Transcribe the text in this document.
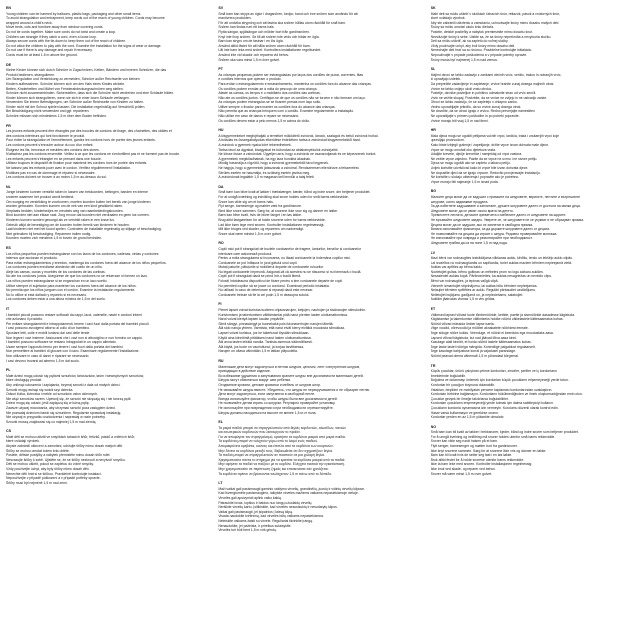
EN
Young children can be harmed by balloons, plastic bags, packaging and other small items.
To avoid strangulation and entrapment, keep cords out of the reach of young children. Cords may become
wrapped around a child's neck.
Move beds, cots and furniture away from window covering cords.
Do not tie cords together. Make sure cords do not twist and create a loop.
Children can strangle if they catch a cord, even a loose loop.
Always secure cords with the tie-down to keep them out of the reach of children.
Do not allow the children to play with the cord. Examine the installation for the signs of wear or damage.
Do not use if there is any damage and repair if necessary.
Cords must be at least 1.5 m above the ground.
DE
Kleine Kinder können sich durch Schnüre in Zugschnüren, Ketten, Bändern und inneren Schnüren, die das
Produkt bedienen, strangulieren.
Um Strangulation und Verstrickung zu vermeiden, Schnüre außer Reichweite von kleinen
Kindern aufbewahren. Schnüre können sich um den Hals eines Kindes wickeln.
Betten, Kinderbetten und Möbel von Fensterabdeckungsschnüren weg stellen.
Schnüre nicht zusammenbinden. Sicherstellen, dass sich die Schnüre nicht verdrehen und eine Schlaufe bilden.
Kinder können sich strangulieren, wenn sie sich in einer losen Schlaufe verfangen.
Verwenden Sie immer Befestigungen, um Schnüre außer Reichweite von Kindern zu halten.
Kinder nicht mit der Schnur spielen lassen. Die Installation regelmäßig auf Verschleiß prüfen.
Bei Beschädigung nicht verwenden und ggf. reparieren.
Schnüre müssen sich mindestens 1,5 m über dem Boden befinden.
FR
Les jeunes enfants peuvent être étranglés par des boucles de cordons de tirage, des chaînettes, des câbles et
des cordons intérieurs qui font fonctionner le produit.
Pour éviter la strangulation et l'emmêlement, gardez les cordons hors de portée des jeunes enfants.
Les cordons peuvent s'enrouler autour du cou d'un enfant.
Éloignez les lits, berceaux et meubles des cordons des stores.
N'attachez pas les cordons ensemble. Veillez à ce que les cordons ne s'entortillent pas et ne forment pas de boucle.
Les enfants peuvent s'étrangler en se prenant dans une boucle.
Utilisez toujours le dispositif de fixation pour maintenir les cordons hors de portée des enfants.
Ne laissez pas les enfants jouer avec le cordon. Vérifiez régulièrement l'installation.
N'utilisez pas en cas de dommage et réparez si nécessaire.
Les cordons doivent se trouver à au moins 1,5 m au-dessus du sol.
NL
Jonge kinderen kunnen verstrikt raken in lussen van trekkoorden, kettingen, banden en interne
snoeren waarmee het product wordt bediend.
Om wurging en verstrikking te voorkomen, moeten koorden buiten het bereik van jonge kinderen
worden gehouden. Koorden kunnen om de nek van een kind gewikkeld raken.
Verplaats bedden, kinderbedjes en meubels weg van raambekledingskoorden.
Bind koorden niet aan elkaar vast. Zorg ervoor dat koorden niet verdraaien en geen lus vormen.
Kinderen kunnen worden gewurgd als ze verstrikt raken in een losse lus.
Gebruik altijd de bevestiging om de koorden buiten bereik van kinderen te houden.
Laat kinderen niet met het koord spelen. Controleer de installatie regelmatig op slijtage of beschadiging.
Niet gebruiken bij beschadiging. Repareren indien nodig.
Koorden moeten zich minstens 1,5 m boven de grond bevinden.
ES
Los niños pequeños pueden estrangularse con los lazos de los cordones, cadenas, cintas y cordones
internos que accionan el producto.
Para evitar estrangulamientos y enredos, mantenga los cordones fuera del alcance de los niños pequeños.
Los cordones pueden enrollarse alrededor del cuello de un niño.
Aleje las camas, cunas y muebles de los cordones de las cortinas.
No ate los cordones juntos. Asegúrese de que los cordones no se retuerzan ni formen un lazo.
Los niños pueden estrangularse si se enganchan en un lazo suelto.
Utilice siempre el sujetador para mantener los cordones fuera del alcance de los niños.
No permita que los niños jueguen con el cordón. Examine la instalación regularmente.
No lo utilice si está dañado y repárelo si es necesario.
Los cordones deben estar a una altura mínima de 1,5 m del suelo.
IT
I bambini piccoli possono restare soffocati da cappi, lacci, catenelle, nastri e cordoni interni
che azionano il prodotto.
Per evitare strangolamenti e intrappolamenti, tenere i cavi fuori dalla portata dei bambini piccoli.
I cavi possono avvolgersi attorno al collo di un bambino.
Spostare letti, culle e mobili lontano dai cavi delle tende.
Non legare i cavi insieme. Assicurarsi che i cavi non si attorciglino e non formino un cappio.
I bambini possono soffocare se restano intrappolati in un cappio allentato.
Usare sempre l'apposito fermo per tenere i cavi fuori dalla portata dei bambini.
Non permettere ai bambini di giocare con il cavo. Esaminare regolarmente l'installazione.
Non utilizzare in caso di danni e riparare se necessario.
I cavi devono trovarsi ad almeno 1,5 m dal suolo.
PL
Małe dzieci mogą udusić się pętlami sznurków, łańcuszków, taśm i wewnętrznych sznurków,
które obsługują produkt.
Aby uniknąć uduszenia i zaplątania, trzymaj sznurki z dala od małych dzieci.
Sznurki mogą owinąć się wokół szyi dziecka.
Odsuń łóżka, łóżeczka i meble od sznurków osłon okiennych.
Nie wiąż sznurków razem. Upewnij się, że sznurki nie skręcają się i nie tworzą pętli.
Dzieci mogą się udusić, jeśli zaplączą się w luźną pętlę.
Zawsze używaj mocowania, aby utrzymać sznurki poza zasięgiem dzieci.
Nie pozwalaj dzieciom bawić się sznurkiem. Regularnie sprawdzaj instalację.
Nie używaj w przypadku uszkodzenia i naprawiaj w razie potrzeby.
Sznurki muszą znajdować się co najmniej 1,5 m nad ziemią.
CS
Malé děti se mohou uškrtit ve smyčkách tahacích šňůr, řetízků, pásků a vnitřních šňůr,
které ovládají výrobek.
Abyste zabránili uškrcení a zamotání, udržujte šňůry mimo dosah malých dětí.
Šňůry se mohou omotat kolem krku dítěte.
Postele, dětské postýlky a nábytek přemístěte mimo dosah šňůr rolet.
Nesvazujte šňůry k sobě. Ujistěte se, že se šňůry nezkroutí a nevytvoří smyčku.
Děti se mohou uškrtit, pokud se zapletou do volné smyčky.
Vždy používejte úchyt, aby byly šňůry mimo dosah dětí.
Nenechte děti hrát si se šňůrou. Pravidelně kontrolujte instalaci.
Nepoužívejte v případě poškození a v případě potřeby opravte.
Šňůry musí být nejméně 1,5 m nad zemí.
SV
Små barn kan stryps av öglor i dragsnören, kedjor, band och inre snören som används för att
manövrera produkten.
För att undvika strypning och att fastna ska snören hållas utom räckhåll för små barn.
Snören kan lindas runt ett barns hals.
Flytta sängar, spjälsängar och möbler bort från gardinsnören.
Knyt inte ihop snören. Se till att snören inte vrids och bildar en ögla.
Barn kan stryps om de fastnar i en lös ögla.
Använd alltid fästet för att hålla snören utom räckhåll för barn.
Låt inte barn leka med snöret. Kontrollera installationen regelbundet.
Använd inte vid skador och reparera vid behov.
Snören ska vara minst 1,5 m över golvet.
PT
As crianças pequenas podem ser estranguladas por laços dos cordões de puxar, correntes, fitas
e cordões internos que operam o produto.
Para evitar o estrangulamento e emaranhamento, mantenha os cordões fora do alcance das crianças.
Os cordões podem enrolar-se à volta do pescoço de uma criança.
Afaste as camas, os berços e o mobiliário dos cordões das cortinas.
Não ate os cordões juntos. Certifique-se de que os cordões não se torcem e não formam um laço.
As crianças podem estrangular-se se ficarem presas num laço solto.
Utilize sempre o fixador para manter os cordões fora do alcance das crianças.
Não permita que as crianças brinquem com o cordão. Examine regularmente a instalação.
Não utilize em caso de danos e repare se necessário.
Os cordões devem estar a pelo menos 1,5 m acima do chão.
HU
A kisgyermekeket megfojthatják a terméket működtető zsinórok, láncok, szalagok és belső zsinórok hurkai.
A fulladás és összegabalyodás elkerülése érdekében tartsa a zsinórokat kisgyermekektől távol.
A zsinórok a gyermek nyaka köré tekeredhetnek.
Tartsa távol az ágyakat, kiságyakat és bútorokat az ablakárnyékolók zsinórjaitól.
Ne kösse össze a zsinórokat. Ügyeljen arra, hogy a zsinórok ne csavarodjanak és ne képezzenek hurkot.
A gyermekek megfulladhatnak, ha egy laza hurokba akadnak.
Mindig használja a rögzítőt, hogy a zsinórok gyermekektől távol legyenek.
Ne hagyja, hogy a gyermekek játsszanak a zsinórral. Rendszeresen ellenőrizze a felszerelést.
Sérülés esetén ne használja, és szükség esetén javítsa meg.
A zsinóroknak legalább 1,5 m magasan kell lenniük a talaj felett.
DA
Små børn kan blive kvalt af løkker i trækstænger, kæder, bånd og indre snore, der betjener produktet.
For at undgå kvælning og indvikling skal snore holdes uden for små børns rækkevidde.
Snore kan vikle sig om et barns hals.
Flyt senge, barnesenge og møbler væk fra gardinsnore.
Bind ikke snore sammen. Sørg for, at snorene ikke snor sig og danner en løkke.
Børn kan blive kvalt, hvis de bliver fanget i en løs løkke.
Brug altid fastgørelsen for at holde snorene uden for børns rækkevidde.
Lad ikke børn lege med snoren. Kontroller installationen regelmæssigt.
Må ikke bruges ved skader, og repareres om nødvendigt.
Snore skal være mindst 1,5 m over gulvet.
RO
Copiii mici pot fi strangulați de buclele cordoanelor de tragere, lanțurilor, benzilor și cordoanelor
interioare care acționează produsul.
Pentru a evita strangularea și încurcarea, nu lăsați cordoanele la îndemâna copiilor mici.
Cordoanele se pot înfășura în jurul gâtului unui copil.
Mutați paturile, pătuțurile și mobilierul departe de cordoanele rulourilor.
Nu legați cordoanele împreună. Asigurați-vă că acestea nu se răsucesc și nu formează o buclă.
Copiii pot fi strangulați dacă se prind într-o buclă liberă.
Folosiți întotdeauna dispozitivul de fixare pentru a ține cordoanele departe de copii.
Nu permiteți copiilor să se joace cu cordonul. Examinați periodic instalația.
Nu utilizați în caso de deteriorare și reparați dacă este necesar.
Cordoanele trebuie să fie la cel puțin 1,5 m deasupra solului.
FI
Pienet lapset voivat kuristua tuotteen ohjausnarujen, ketjujen, nauhojen ja sisänarujen silmukoihin.
Kuristumisen ja takertumisen välttämiseksi pidä narut pienten lasten ulottumattomissa.
Narut voivat kiertyä lapsen kaulan ympärille.
Siirrä sängyt, pinnasängyt ja huonekalut pois ikkunaverhojen narujen läheltä.
Älä sido naruja yhteen. Varmista, että narut eivät kierry eivätkä muodosta silmukkaa.
Lapset voivat kuristua, jos he takertuvat löysään silmukkaan.
Käytä aina kiinnitintä pitääksesi narut lasten ulottumattomissa.
Älä anna lasten leikkiä narulla. Tarkista asennus säännöllisesti.
Älä käytä, jos tuote on vaurioitunut, ja korjaa tarvittaessa.
Narujen on oltava vähintään 1,5 m lattian yläpuolella.
RU
Маленькие дети могут задохнуться в петлях шнуров, цепочек, лент и внутренних шнуров,
приводящих в действие изделие.
Во избежание удушения и запутывания храните шнуры вне досягаемости маленьких детей.
Шнуры могут обмотаться вокруг шеи ребенка.
Отодвиньте кровати, детские кроватки и мебель от шнуров штор.
Не связывайте шнуры вместе. Убедитесь, что шнуры не перекручиваются и не образуют петлю.
Дети могут задохнуться, если запутаются в свободной петле.
Всегда используйте фиксатор, чтобы шнуры были вне досягаемости детей.
Не позволяйте детям играть со шнуром. Регулярно проверяйте установку.
Не используйте при повреждении и при необходимости отремонтируйте.
Шнуры должны находиться на высоте не менее 1,5 м от пола.
EL
Τα μικρά παιδιά μπορεί να στραγγαλιστούν από θηλιές κορδονιών, αλυσίδων, ταινιών
και εσωτερικών κορδονιών που λειτουργούν το προϊόν.
Για να αποφύγετε τον στραγγαλισμό, κρατήστε τα κορδόνια μακριά από μικρά παιδιά.
Τα κορδόνια μπορεί να τυλιχτούν γύρω από το λαιμό ενός παιδιού.
Απομακρύνετε κρεβάτια, κούνιες και έπιπλα από τα κορδόνια των κουρτινών.
Μην δένετε τα κορδόνια μεταξύ τους. Βεβαιωθείτε ότι δεν σχηματίζουν θηλιά.
Τα παιδιά μπορεί να στραγγαλιστούν αν πιαστούν σε μια χαλαρή θηλιά.
Χρησιμοποιείτε πάντα το στήριγμα για να κρατάτε τα κορδόνια μακριά από τα παιδιά.
Μην αφήνετε τα παιδιά να παίζουν με το κορδόνι. Ελέγχετε τακτικά την εγκατάσταση.
Μην χρησιμοποιείτε σε περίπτωση ζημιάς και επισκευάστε εάν χρειάζεται.
Τα κορδόνια πρέπει να βρίσκονται τουλάχιστον 1,5 m πάνω από το δάπεδο.
LT
Maži vaikai gali pasismaugti gaminio valdymo virvelių, grandinėlių, juostų ir vidinių virvelių kilpose.
Kad išvengtumėte pasismaugimo, laikykite virveles mažiems vaikams nepasiekiamoje vietoje.
Virvelės gali apsivynioti aplink vaiko kaklą.
Patraukite lovas, lopšius ir baldus nuo langų užuolaidų virvelių.
Neriškite virvelių kartu. Įsitikinkite, kad virvelės nesusisuktų ir nesudarytų kilpos.
Vaikai gali pasismaugti, jei įsipainios į laisvą kilpą.
Visada naudokite tvirtinimą, kad virvelės būtų vaikams nepasiekiamos.
Neleiskite vaikams žaisti su virvele. Reguliariai tikrinkite įrangą.
Nenaudokite, jei pažeista, ir prireikus sutaisykite.
Virvelės turi būti bent 1,5 m virš grindų.
SK
Malé deti sa môžu uškrtiť v slučkách ťahacích šnúr, retiazok, pások a vnútorných šnúr,
ktoré ovládajú výrobok.
Aby ste zabránili uškrteniu a zamotaniu, uchovávajte šnúry mimo dosahu malých detí.
Šnúry sa môžu omotať okolo krku dieťaťa.
Postele, detské postieľky a nábytok premiestnite mimo dosahu šnúr.
Nezväzujte šnúry k sebe. Uistite sa, že sa šnúry neprekrútia a nevytvoria slučku.
Deti sa môžu uškrtiť, ak sa zapletú do voľnej slučky.
Vždy používajte úchyt, aby boli šnúry mimo dosahu detí.
Nenechajte deti hrať sa so šnúrou. Pravidelne kontrolujte inštaláciu.
Nepoužívajte v prípade poškodenia a v prípade potreby opravte.
Šnúry musia byť najmenej 1,5 m nad zemou.
SL
Majhni otroci se lahko zadavijo z zankami vlečnih vrvic, verižic, trakov in notranjih vrvic,
ki upravljajo izdelek.
Da preprečite zadavljenje in zapletanje, vrvice hranite zunaj dosega majhnih otrok.
Vrvice se lahko ovijejo okoli vratu otroka.
Postelje, otroške posteljice in pohištvo odmaknite stran od vrvic senčil.
Vrvic ne vežite skupaj. Poskrbite, da se vrvice ne zvijejo in ne ustvarijo zanke.
Otroci se lahko zadavijo, če se zapletejo v ohlapno zanko.
Vedno uporabljajte pritrdilo, da so vrvice zunaj dosega otrok.
Ne dovolite, da se otroci igrajo z vrvico. Redno preverjajte namestitev.
Ne uporabljajte v primeru poškodbe in po potrebi popravite.
Vrvice morajo biti vsaj 1,5 m nad tlemi.
HR
Mala djeca mogu se ugušiti petljama vučnih vrpci, lančića, traka i unutarnjih vrpci koje
upravljaju proizvodom.
Kako biste izbjegli gušenje i zapetljanje, držite vrpce izvan dohvata male djece.
Vrpce se mogu omotati oko djetetova vrata.
Udaljite krevete, dječje krevetiće i namještaj od vrpci zastora.
Ne vežite vrpce zajedno. Pazite da se vrpce ne uvrnu i ne stvore petlju.
Djeca se mogu ugušiti ako se zapletu u labavu petlju.
Uvijek koristite učvršćivač kako bi vrpce bile izvan dohvata djece.
Ne dopustite djeci da se igraju vrpcom. Redovito provjeravajte instalaciju.
Ne koristite u slučaju oštećenja i popravite ako je potrebno.
Vrpce moraju biti najmanje 1,5 m iznad poda.
BG
Малките деца могат да се задушат с примките на шнуровете, веригите, лентите и вътрешните
шнурове, които задвижват продукта.
За да избегнете задушаване и заплитане, дръжте шнуровете далеч от достъпа на малки деца.
Шнуровете могат да се увият около врата на детето.
Преместете леглата, детските креватчета и мебелите далеч от шнуровете на щорите.
Не връзвайте шнуровете заедно. Уверете се, че шнуровете не се усукват и не образуват примка.
Децата могат да се задушат, ако се заплетат в свободна примка.
Винаги използвайте фиксатора, за да държите шнуровете далеч от децата.
Не позволявайте на децата да играят с шнура. Редовно проверявайте монтажа.
Не използвайте при повреда и ремонтирайте при необходимост.
Шнуровете трябва да са на поне 1,5 m над пода.
LV
Mazi bērni var nožņaugties izstrādājuma vilkšanas auklu, ķēdīšu, lenšu un iekšējo auklu cilpās.
Lai izvairītos no nožņaugšanās un sapīšanās, turiet auklas maziem bērniem nepieejamā vietā.
Auklas var aptīties ap bērna kaklu.
Novietojiet gultas, bērnu gultiņas un mēbeles prom no logu aizkaru auklām.
Nesasieniet auklas kopā. Pārliecinieties, ka auklas nesagriežas un neveido cilpu.
Bērni var nožņaugties, ja iepinas vaļīgā cilpā.
Vienmēr izmantojiet stiprinājumu, lai auklas būtu bērniem nepieejamas.
Neļaujiet bērniem spēlēties ar auklu. Regulāri pārbaudiet uzstādījumu.
Nelietojiet bojājumu gadījumā un, ja nepieciešams, salabojiet.
Auklām jāatrodas vismaz 1,5 m virs grīdas.
ET
Väikesed lapsed võivad toote tõmbenööride, kettide, paelte ja sisenööride aasadesse kägistuda.
Kägistamise ja takerdumise vältimiseks hoidke nöörid väikelastele kättesaamatus kohas.
Nöörid võivad mässida ümber lapse kaela.
Viige voodid, võrevoodid ja mööbel aknakatete nööridest eemale.
Ärge siduge nööre kokku. Veenduge, et nöörid ei keerduks ega moodustaks aasa.
Lapsed võivad kägistuda, kui nad jäävad lõtva aasa kinni.
Kasutage alati kinnitit, et hoida nöörid lastele kättesaamatus kohas.
Ärge laske lastel nööriga mängida. Kontrollige paigaldust regulaarselt.
Ärge kasutage kahjustuse korral ja vajadusel parandage.
Nöörid peavad olema vähemalt 1,5 m põrandast kõrgemal.
TR
Küçük çocuklar, ürünü çalıştıran çekme kordonları, zincirler, şeritler ve iç kordonların
ilmeklerinde boğulabilir.
Boğulma ve dolanmayı önlemek için kordonları küçük çocukların erişemeyeceği yerde tutun.
Kordonlar bir çocuğun boynuna dolanabilir.
Yatakları, beşikleri ve mobilyaları pencere kaplaması kordonlarından uzaklaştırın.
Kordonları birbirine bağlamayın. Kordonların bükülmediğinden ve ilmek oluşturmadığından emin olun.
Çocuklar gevşek bir ilmeğe takılırlarsa boğulabilirler.
Kordonları çocukların erişemeyeceği yerde tutmak için daima sabitleyiciyi kullanın.
Çocukların kordonla oynamasına izin vermeyin. Kurulumu düzenli olarak kontrol edin.
Hasar varsa kullanmayın ve gerekirse onarın.
Kordonlar yerden en az 1,5 m yüksekte olmalıdır.
NO
Små barn kan bli kvalt av løkker i trekksnorer, kjeder, bånd og indre snorer som betjener produktet.
For å unngå kvelning og innfiltring må snorer holdes utenfor små barns rekkevidde.
Snorer kan vikle seg rundt halsen på et barn.
Flytt senger, barnesenger og møbler bort fra gardinsnorer.
Ikke knyt snorene sammen. Sørg for at snorene ikke vris og danner en løkke.
Barn kan bli kvalt hvis de setter seg fast i en løs løkke.
Bruk alltid festet for å holde snorene utenfor barns rekkevidde.
Ikke la barn leke med snoren. Kontroller installasjonen regelmessig.
Ikke bruk ved skade, og reparer ved behov.
Snorer må være minst 1,5 m over gulvet.
